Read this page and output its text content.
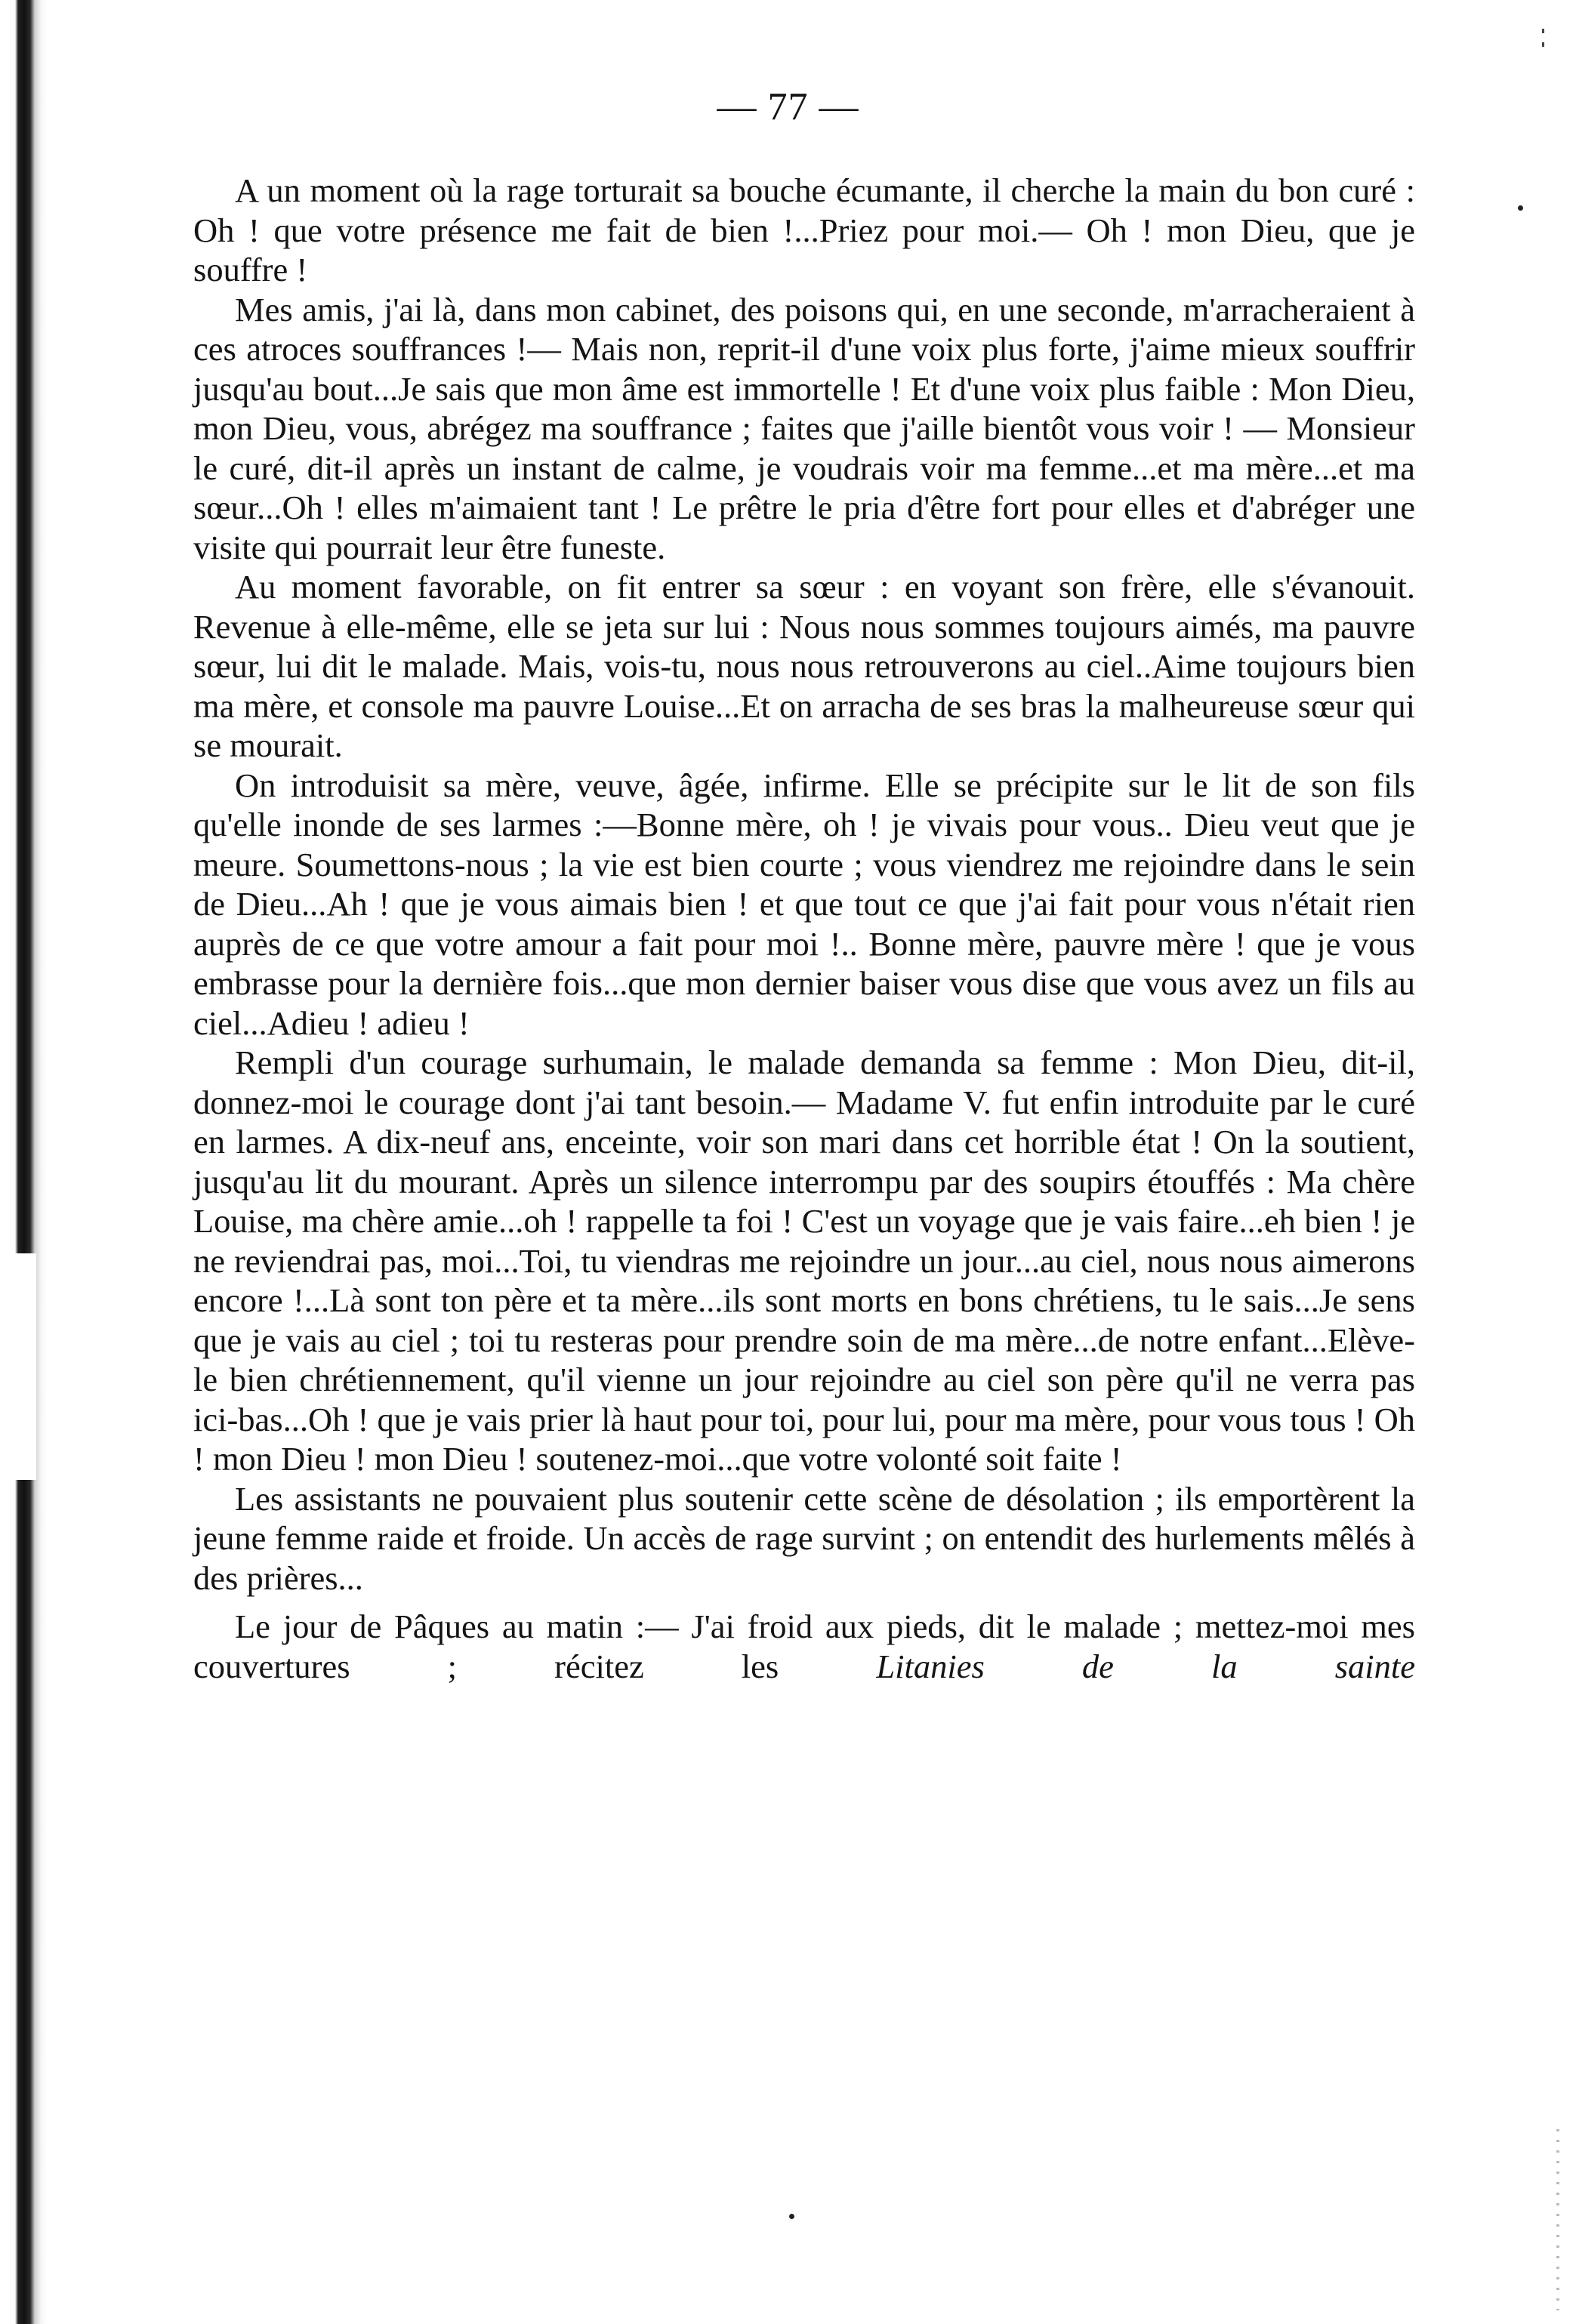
— 77 —

A un moment où la rage torturait sa bouche écumante, il cherche la main du bon curé : Oh ! que votre présence me fait de bien !...Priez pour moi.— Oh ! mon Dieu, que je souffre !

Mes amis, j'ai là, dans mon cabinet, des poisons qui, en une seconde, m'arracheraient à ces atroces souffrances !— Mais non, reprit-il d'une voix plus forte, j'aime mieux souffrir jusqu'au bout...Je sais que mon âme est immortelle ! Et d'une voix plus faible : Mon Dieu, mon Dieu, vous, abrégez ma souffrance ; faites que j'aille bientôt vous voir ! — Monsieur le curé, dit-il après un instant de calme, je voudrais voir ma femme...et ma mère...et ma sœur...Oh ! elles m'aimaient tant ! Le prêtre le pria d'être fort pour elles et d'abréger une visite qui pourrait leur être funeste.

Au moment favorable, on fit entrer sa sœur : en voyant son frère, elle s'évanouit. Revenue à elle-même, elle se jeta sur lui : Nous nous sommes toujours aimés, ma pauvre sœur, lui dit le malade. Mais, vois-tu, nous nous retrouverons au ciel..Aime toujours bien ma mère, et console ma pauvre Louise...Et on arracha de ses bras la malheureuse sœur qui se mourait.

On introduisit sa mère, veuve, âgée, infirme. Elle se précipite sur le lit de son fils qu'elle inonde de ses larmes :—Bonne mère, oh ! je vivais pour vous.. Dieu veut que je meure. Soumettons-nous ; la vie est bien courte ; vous viendrez me rejoindre dans le sein de Dieu...Ah ! que je vous aimais bien ! et que tout ce que j'ai fait pour vous n'était rien auprès de ce que votre amour a fait pour moi !.. Bonne mère, pauvre mère ! que je vous embrasse pour la dernière fois...que mon dernier baiser vous dise que vous avez un fils au ciel...Adieu ! adieu !

Rempli d'un courage surhumain, le malade demanda sa femme : Mon Dieu, dit-il, donnez-moi le courage dont j'ai tant besoin.— Madame V. fut enfin introduite par le curé en larmes. A dix-neuf ans, enceinte, voir son mari dans cet horrible état ! On la soutient, jusqu'au lit du mourant. Après un silence interrompu par des soupirs étouffés : Ma chère Louise, ma chère amie...oh ! rappelle ta foi ! C'est un voyage que je vais faire...eh bien ! je ne reviendrai pas, moi...Toi, tu viendras me rejoindre un jour...au ciel, nous nous aimerons encore !...Là sont ton père et ta mère...ils sont morts en bons chrétiens, tu le sais...Je sens que je vais au ciel ; toi tu resteras pour prendre soin de ma mère...de notre enfant...Elève-le bien chrétiennement, qu'il vienne un jour rejoindre au ciel son père qu'il ne verra pas ici-bas...Oh ! que je vais prier là haut pour toi, pour lui, pour ma mère, pour vous tous ! Oh ! mon Dieu ! mon Dieu ! soutenez-moi...que votre volonté soit faite !

Les assistants ne pouvaient plus soutenir cette scène de désolation ; ils emportèrent la jeune femme raide et froide. Un accès de rage survint ; on entendit des hurlements mêlés à des prières...

Le jour de Pâques au matin :— J'ai froid aux pieds, dit le malade ; mettez-moi mes couvertures ; récitez les Litanies de la sainte
